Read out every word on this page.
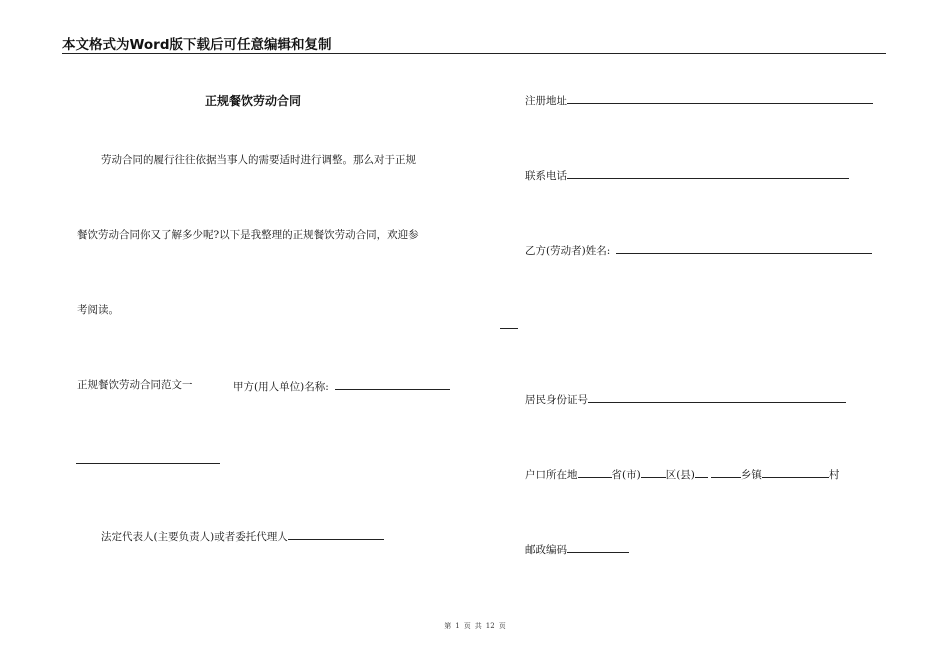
本文格式为Word版下载后可任意编辑和复制
正规餐饮劳动合同
劳动合同的履行往往依据当事人的需要适时进行调整。那么对于正规
餐饮劳动合同你又了解多少呢?以下是我整理的正规餐饮劳动合同，欢迎参
考阅读。
正规餐饮劳动合同范文一	甲方(用人单位)名称:
法定代表人(主要负责人)或者委托代理人
注册地址
联系电话
乙方(劳动者)姓名:
居民身份证号
户口所在地	省(市) 区(县)	乡镇	村
邮政编码
第 1 页 共 12 页
